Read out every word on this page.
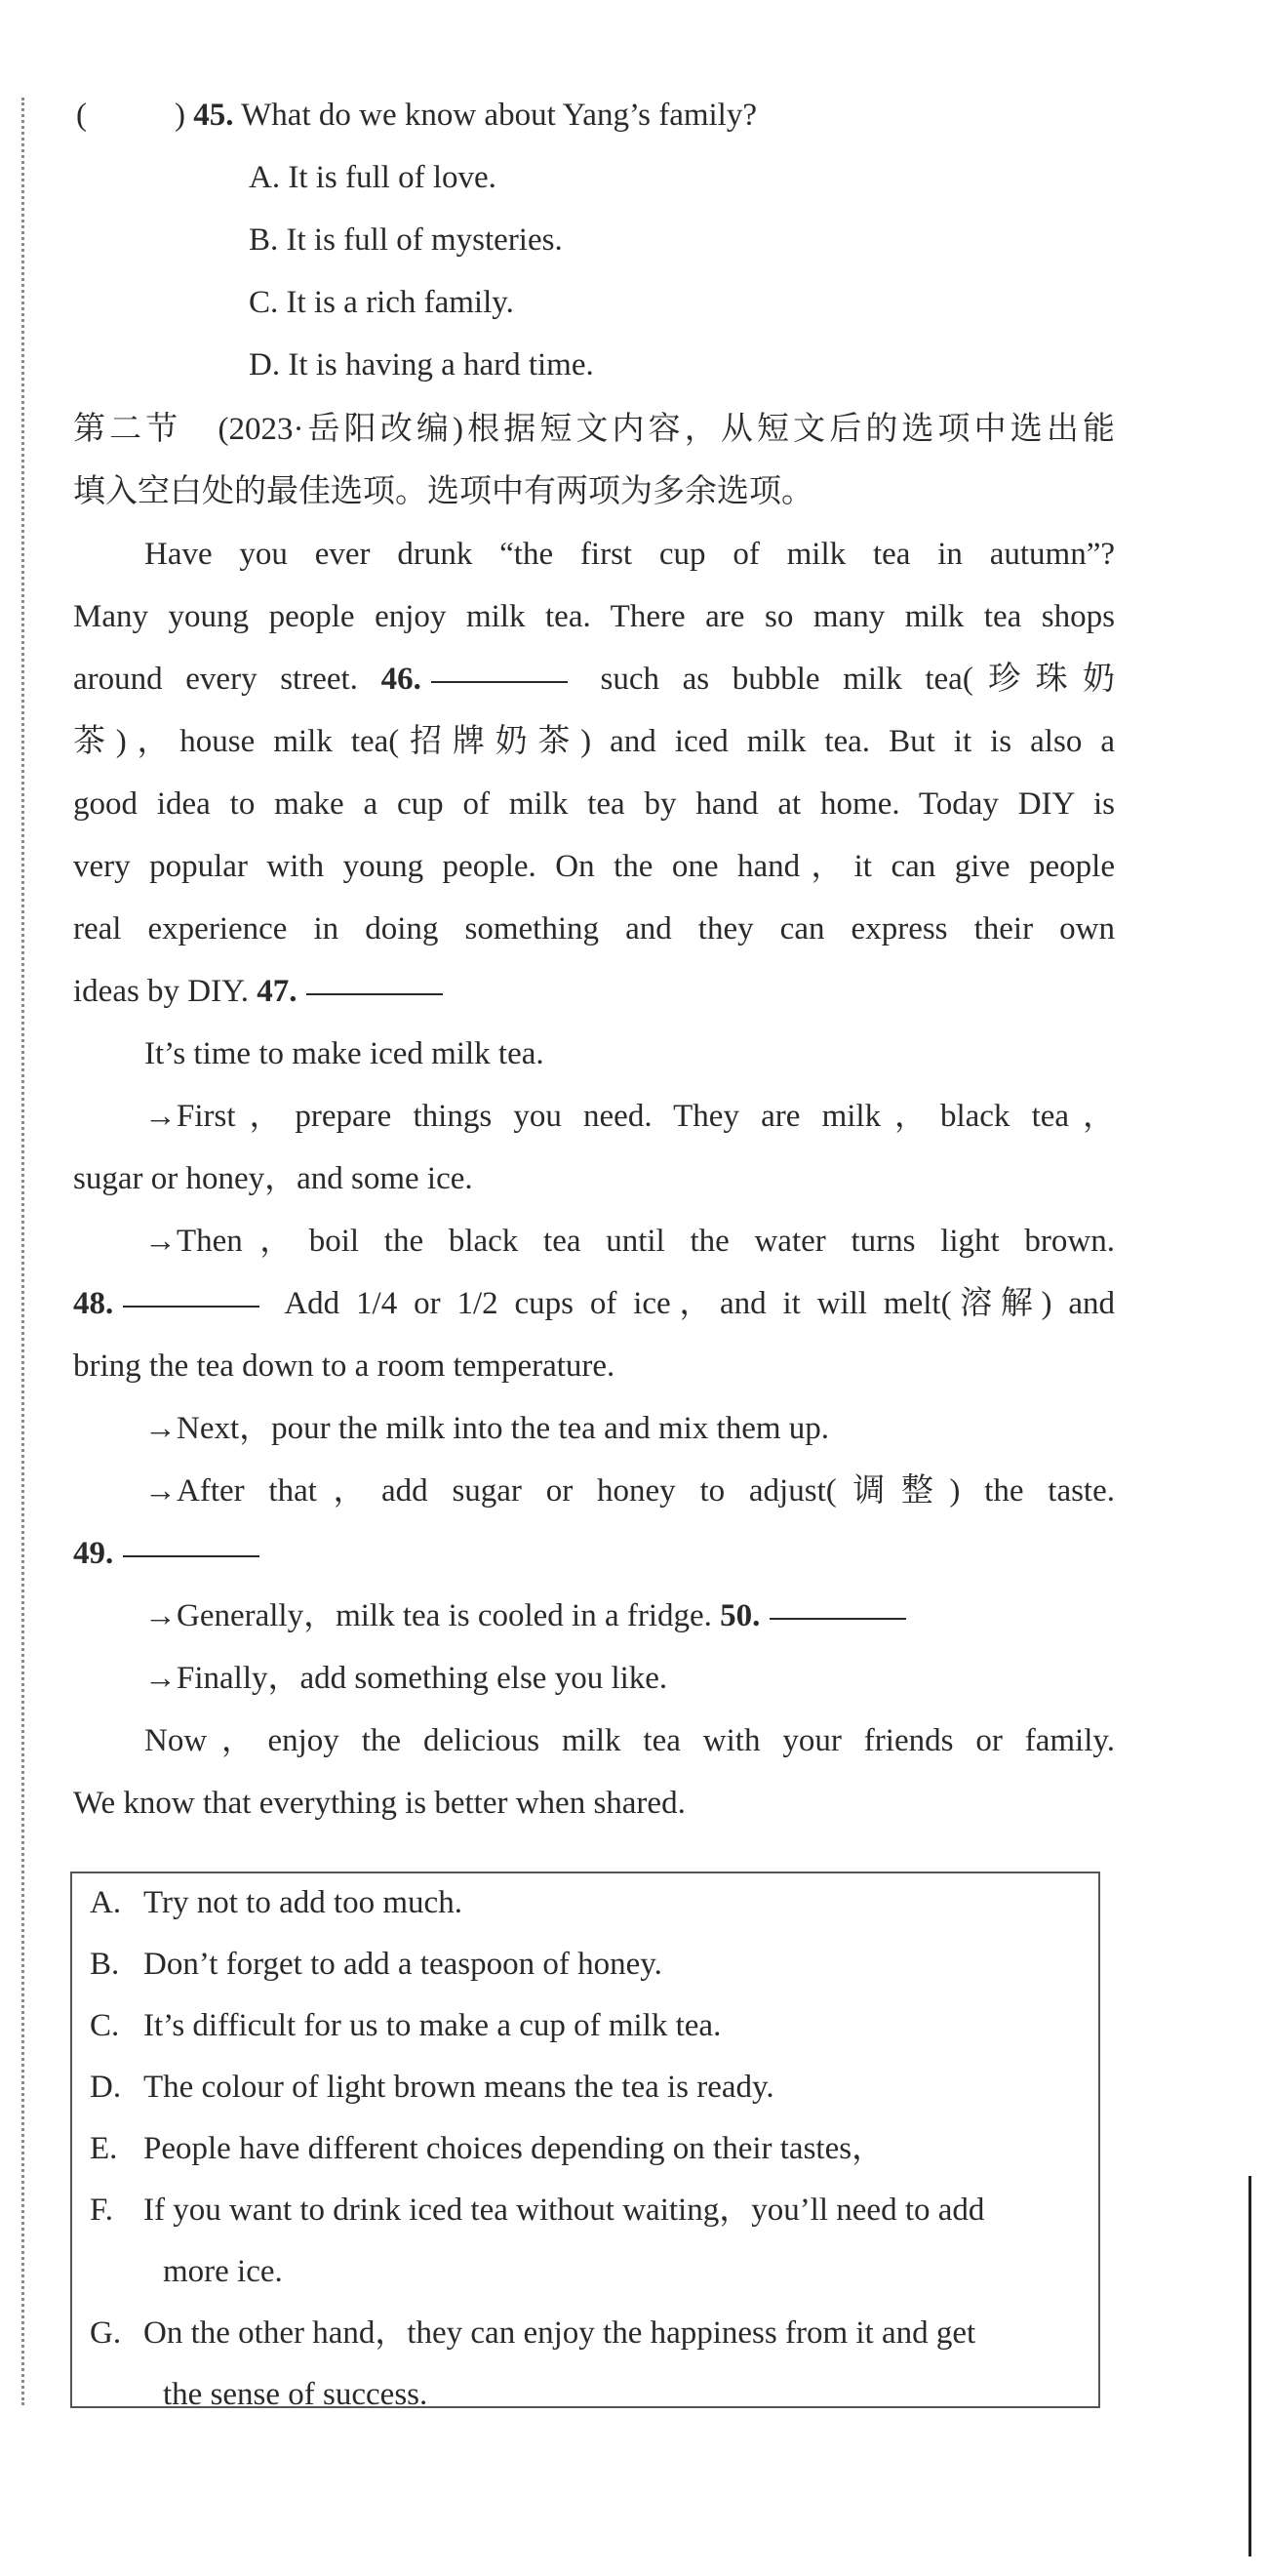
(	) 45. What do we know about Yang’s family?
A. It is full of love.
B. It is full of mysteries.
C. It is a rich family.
D. It is having a hard time.
第二节　(2023·岳阳改编)根据短文内容，从短文后的选项中选出能
填入空白处的最佳选项。选项中有两项为多余选项。
Have you ever drunk “the first cup of milk tea in autumn”?
Many young people enjoy milk tea. There are so many milk tea shops
around every street. 46.	such as bubble milk tea(珍珠奶
茶)，house milk tea(招牌奶茶) and iced milk tea. But it is also a
good idea to make a cup of milk tea by hand at home. Today DIY is
very popular with young people. On the one hand，it can give people
real experience in doing something and they can express their own
ideas by DIY. 47.
It’s time to make iced milk tea.
→First，prepare things you need. They are milk，black tea，
sugar or honey，and some ice.
→Then，boil the black tea until the water turns light brown.
48.	Add 1/4 or 1/2 cups of ice，and it will melt(溶解) and
bring the tea down to a room temperature.
→Next，pour the milk into the tea and mix them up.
→After that，add sugar or honey to adjust(调整) the taste.
49.
→Generally，milk tea is cooled in a fridge. 50.
→Finally，add something else you like.
Now，enjoy the delicious milk tea with your friends or family.
We know that everything is better when shared.
A. Try not to add too much.
B. Don’t forget to add a teaspoon of honey.
C. It’s difficult for us to make a cup of milk tea.
D. The colour of light brown means the tea is ready.
E. People have different choices depending on their tastes，
F. If you want to drink iced tea without waiting，you’ll need to add
more ice.
G. On the other hand，they can enjoy the happiness from it and get
the sense of success.
